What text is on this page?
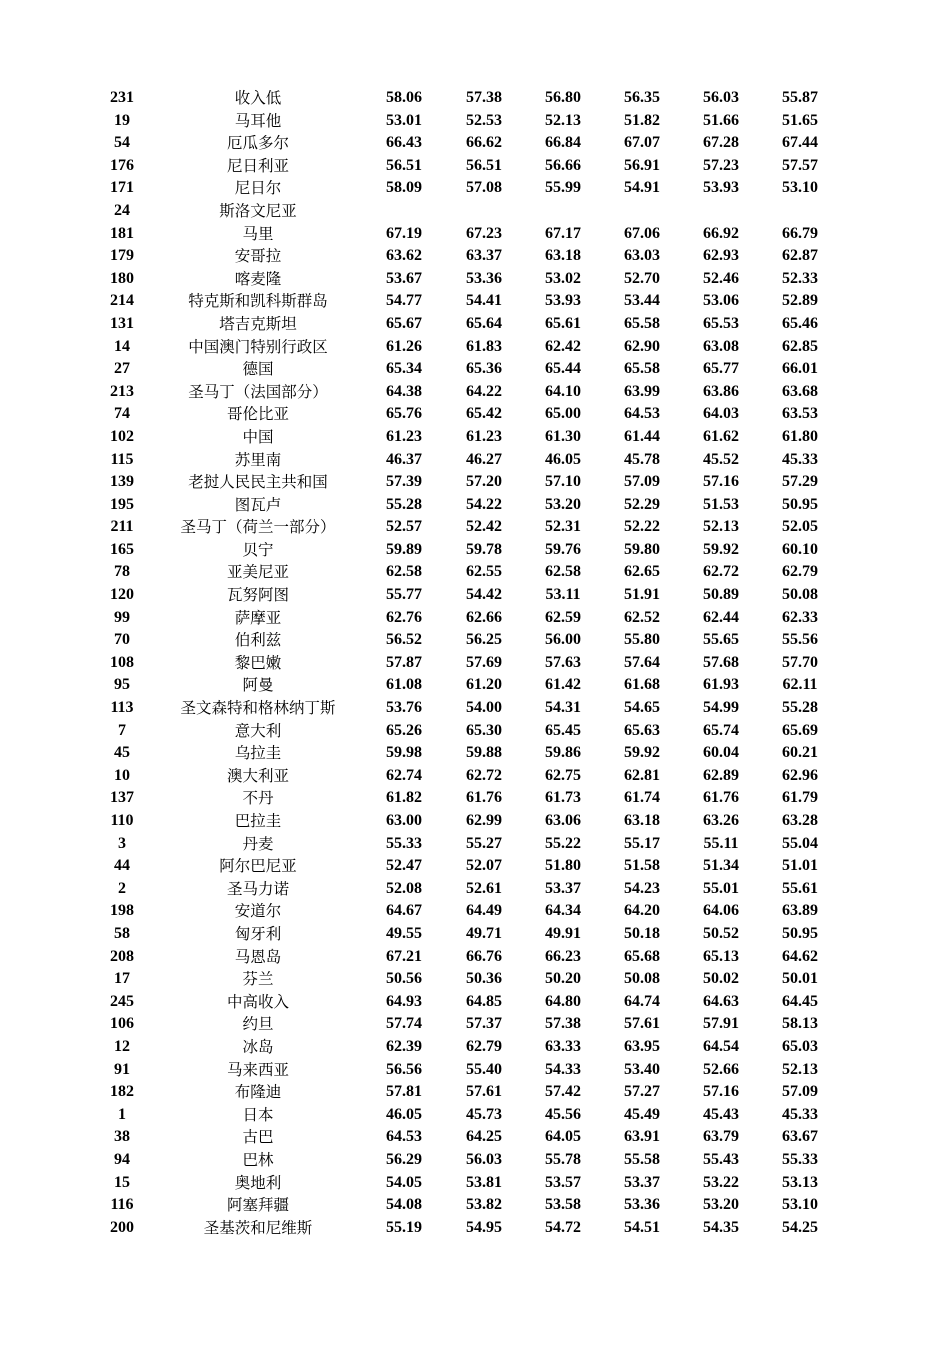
231	收入低	58.06	57.38	56.80	56.35	56.03	55.87
19	马耳他	53.01	52.53	52.13	51.82	51.66	51.65
54	厄瓜多尔	66.43	66.62	66.84	67.07	67.28	67.44
176	尼日利亚	56.51	56.51	56.66	56.91	57.23	57.57
171	尼日尔	58.09	57.08	55.99	54.91	53.93	53.10
24	斯洛文尼亚
181	马里	67.19	67.23	67.17	67.06	66.92	66.79
179	安哥拉	63.62	63.37	63.18	63.03	62.93	62.87
180	喀麦隆	53.67	53.36	53.02	52.70	52.46	52.33
214	特克斯和凯科斯群岛	54.77	54.41	53.93	53.44	53.06	52.89
131	塔吉克斯坦	65.67	65.64	65.61	65.58	65.53	65.46
14	中国澳门特别行政区	61.26	61.83	62.42	62.90	63.08	62.85
27	德国	65.34	65.36	65.44	65.58	65.77	66.01
213	圣马丁（法国部分）	64.38	64.22	64.10	63.99	63.86	63.68
74	哥伦比亚	65.76	65.42	65.00	64.53	64.03	63.53
102	中国	61.23	61.23	61.30	61.44	61.62	61.80
115	苏里南	46.37	46.27	46.05	45.78	45.52	45.33
139	老挝人民民主共和国	57.39	57.20	57.10	57.09	57.16	57.29
195	图瓦卢	55.28	54.22	53.20	52.29	51.53	50.95
211	圣马丁（荷兰一部分）	52.57	52.42	52.31	52.22	52.13	52.05
165	贝宁	59.89	59.78	59.76	59.80	59.92	60.10
78	亚美尼亚	62.58	62.55	62.58	62.65	62.72	62.79
120	瓦努阿图	55.77	54.42	53.11	51.91	50.89	50.08
99	萨摩亚	62.76	62.66	62.59	62.52	62.44	62.33
70	伯利兹	56.52	56.25	56.00	55.80	55.65	55.56
108	黎巴嫩	57.87	57.69	57.63	57.64	57.68	57.70
95	阿曼	61.08	61.20	61.42	61.68	61.93	62.11
113	圣文森特和格林纳丁斯	53.76	54.00	54.31	54.65	54.99	55.28
7	意大利	65.26	65.30	65.45	65.63	65.74	65.69
45	乌拉圭	59.98	59.88	59.86	59.92	60.04	60.21
10	澳大利亚	62.74	62.72	62.75	62.81	62.89	62.96
137	不丹	61.82	61.76	61.73	61.74	61.76	61.79
110	巴拉圭	63.00	62.99	63.06	63.18	63.26	63.28
3	丹麦	55.33	55.27	55.22	55.17	55.11	55.04
44	阿尔巴尼亚	52.47	52.07	51.80	51.58	51.34	51.01
2	圣马力诺	52.08	52.61	53.37	54.23	55.01	55.61
198	安道尔	64.67	64.49	64.34	64.20	64.06	63.89
58	匈牙利	49.55	49.71	49.91	50.18	50.52	50.95
208	马恩岛	67.21	66.76	66.23	65.68	65.13	64.62
17	芬兰	50.56	50.36	50.20	50.08	50.02	50.01
245	中高收入	64.93	64.85	64.80	64.74	64.63	64.45
106	约旦	57.74	57.37	57.38	57.61	57.91	58.13
12	冰岛	62.39	62.79	63.33	63.95	64.54	65.03
91	马来西亚	56.56	55.40	54.33	53.40	52.66	52.13
182	布隆迪	57.81	57.61	57.42	57.27	57.16	57.09
1	日本	46.05	45.73	45.56	45.49	45.43	45.33
38	古巴	64.53	64.25	64.05	63.91	63.79	63.67
94	巴林	56.29	56.03	55.78	55.58	55.43	55.33
15	奥地利	54.05	53.81	53.57	53.37	53.22	53.13
116	阿塞拜疆	54.08	53.82	53.58	53.36	53.20	53.10
200	圣基茨和尼维斯	55.19	54.95	54.72	54.51	54.35	54.25
